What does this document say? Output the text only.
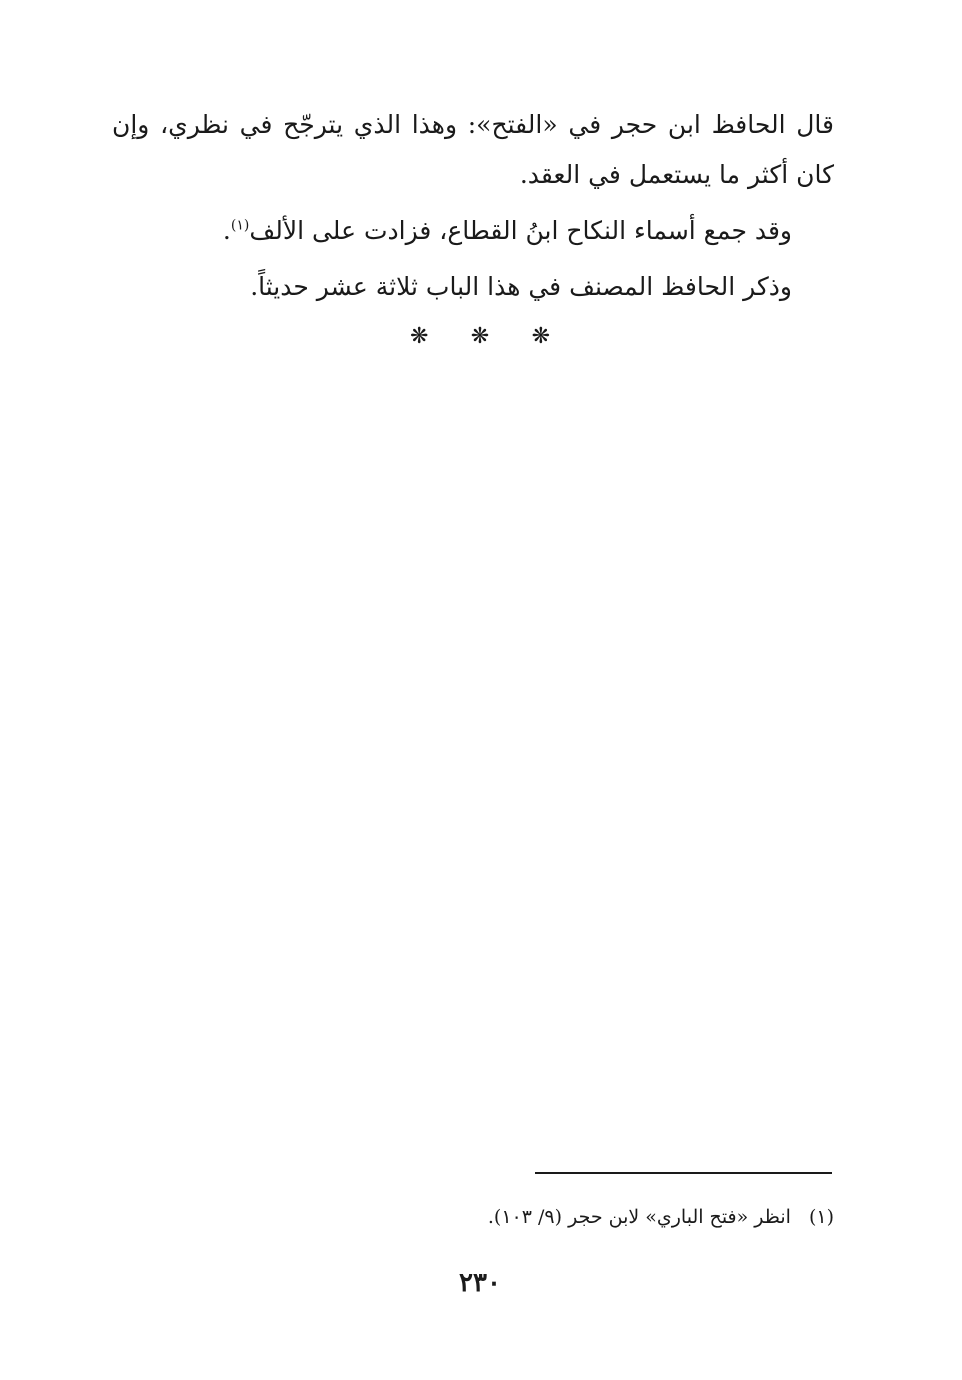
قال الحافظ ابن حجر في «الفتح»: وهذا الذي يترجّح في نظري، وإن
كان أكثر ما يستعمل في العقد.
وقد جمع أسماء النكاح ابنُ القطاع، فزادت على الألف$^{(١)}$.
وذكر الحافظ المصنف في هذا الباب ثلاثة عشر حديثاً.
❋ ❋ ❋
(١)انظر «فتح الباري» لابن حجر (٩/ ١٠٣).
٢٣٠
